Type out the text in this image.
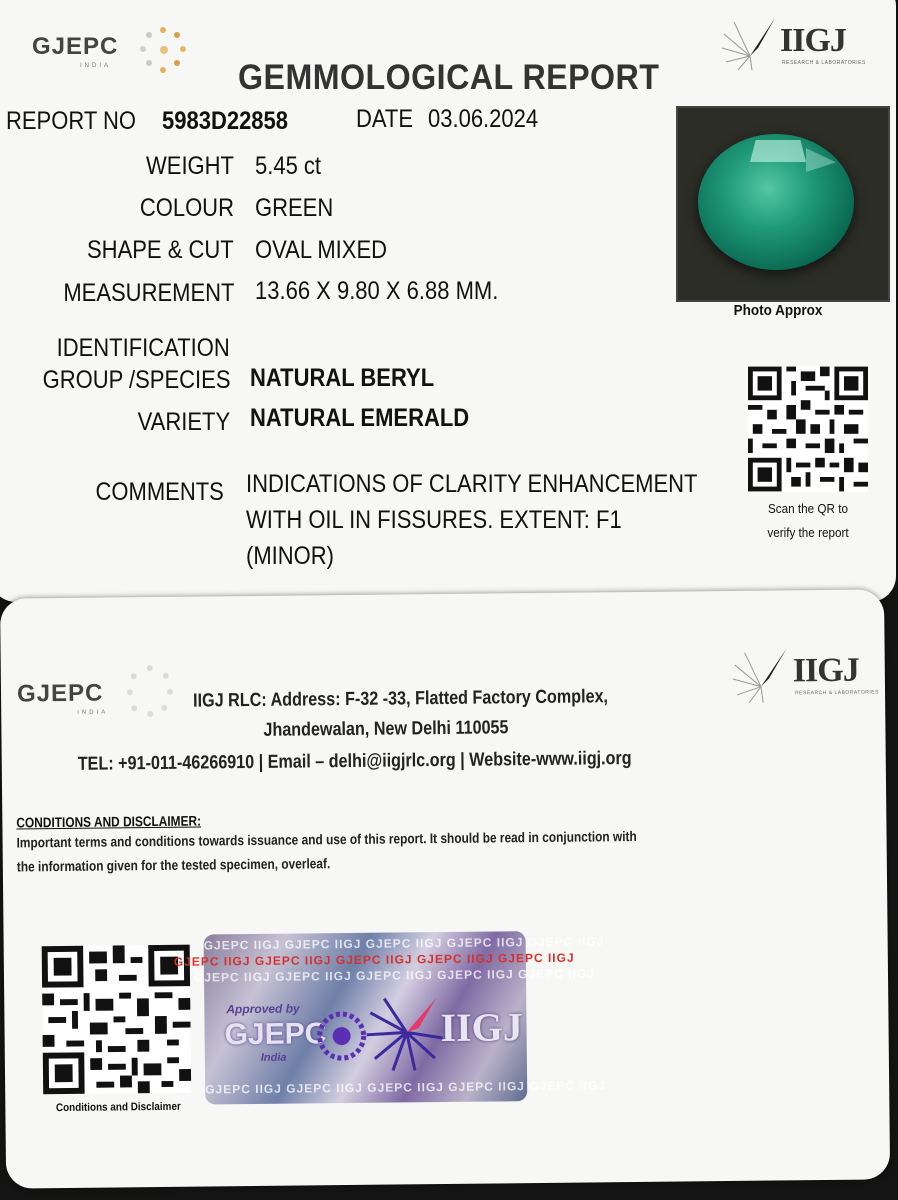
GJEPC
INDIA
IIGJ
RESEARCH & LABORATORIES
GEMMOLOGICAL REPORT
REPORT NO 5983D22858	DATE 03.06.2024
WEIGHT 5.45 ct
COLOUR GREEN
SHAPE & CUT OVAL MIXED
MEASUREMENT 13.66 X 9.80 X 6.88 MM.
IDENTIFICATION
GROUP /SPECIES NATURAL BERYL
VARIETY NATURAL EMERALD
COMMENTS INDICATIONS OF CLARITY ENHANCEMENT
WITH OIL IN FISSURES. EXTENT: F1
(MINOR)
Photo Approx
Scan the QR to
verify the report
GJEPC
INDIA
IIGJ
RESEARCH & LABORATORIES
IIGJ RLC: Address: F-32 -33, Flatted Factory Complex,
Jhandewalan, New Delhi 110055
TEL: +91-011-46266910 | Email – delhi@iigjrlc.org | Website-www.iigj.org
CONDITIONS AND DISCLAIMER:
Important terms and conditions towards issuance and use of this report. It should be read in conjunction with
the information given for the tested specimen, overleaf.
Conditions and Disclaimer
GJEPC IIGJ GJEPC IIGJ GJEPC IIGJ GJEPC IIGJ GJEPC IIGJ
GJEPC IIGJ GJEPC IIGJ GJEPC IIGJ GJEPC IIGJ GJEPC IIGJ
GJEPC IIGJ GJEPC IIGJ GJEPC IIGJ GJEPC IIGJ GJEPC IIGJ
GJEPC IIGJ GJEPC IIGJ GJEPC IIGJ GJEPC IIGJ GJEPC IIGJ
Approved by
GJEPC
India
IIGJ
